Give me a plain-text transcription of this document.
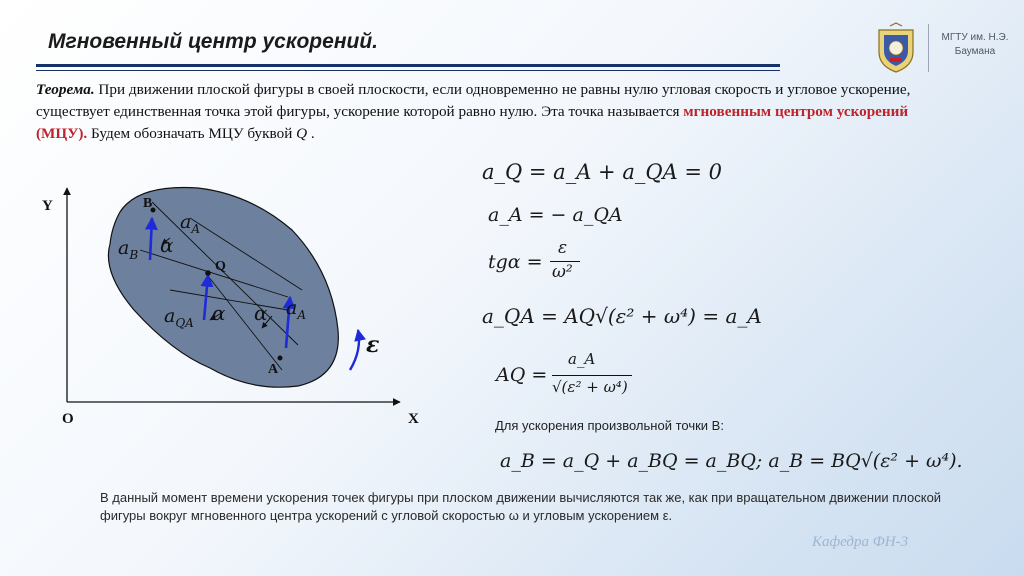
Мгновенный центр ускорений.	МГТУ им. Н.Э.
Баумана
Теорема. При движении плоской фигуры в своей плоскости, если одновременно не равны нулю угловая скорость и угловое ускорение, существует единственная точка этой фигуры, ускорение которой равно нулю. Эта точка называется мгновенным центром ускорений (МЦУ). Будем обозначать МЦУ буквой Q .
Y
X
O
B
Q
A
$a_A$
$a_B$ α
$a_{QA}$ α α $a_A$
ε
a_Q = a_A + a_QA = 0
a_A = − a_QA
tgα =
ε
ω²
a_QA = AQ√(ε² + ω⁴) = a_A
AQ =
a_A
√(ε² + ω⁴)
Для ускорения произвольной точки B:
a_B = a_Q + a_BQ = a_BQ; a_B = BQ√(ε² + ω⁴).
В данный момент времени ускорения точек фигуры при плоском движении вычисляются так же, как при вращательном движении плоской фигуры вокруг мгновенного центра ускорений с угловой скоростью ω и угловым ускорением ε.
Кафедра ФН-3
